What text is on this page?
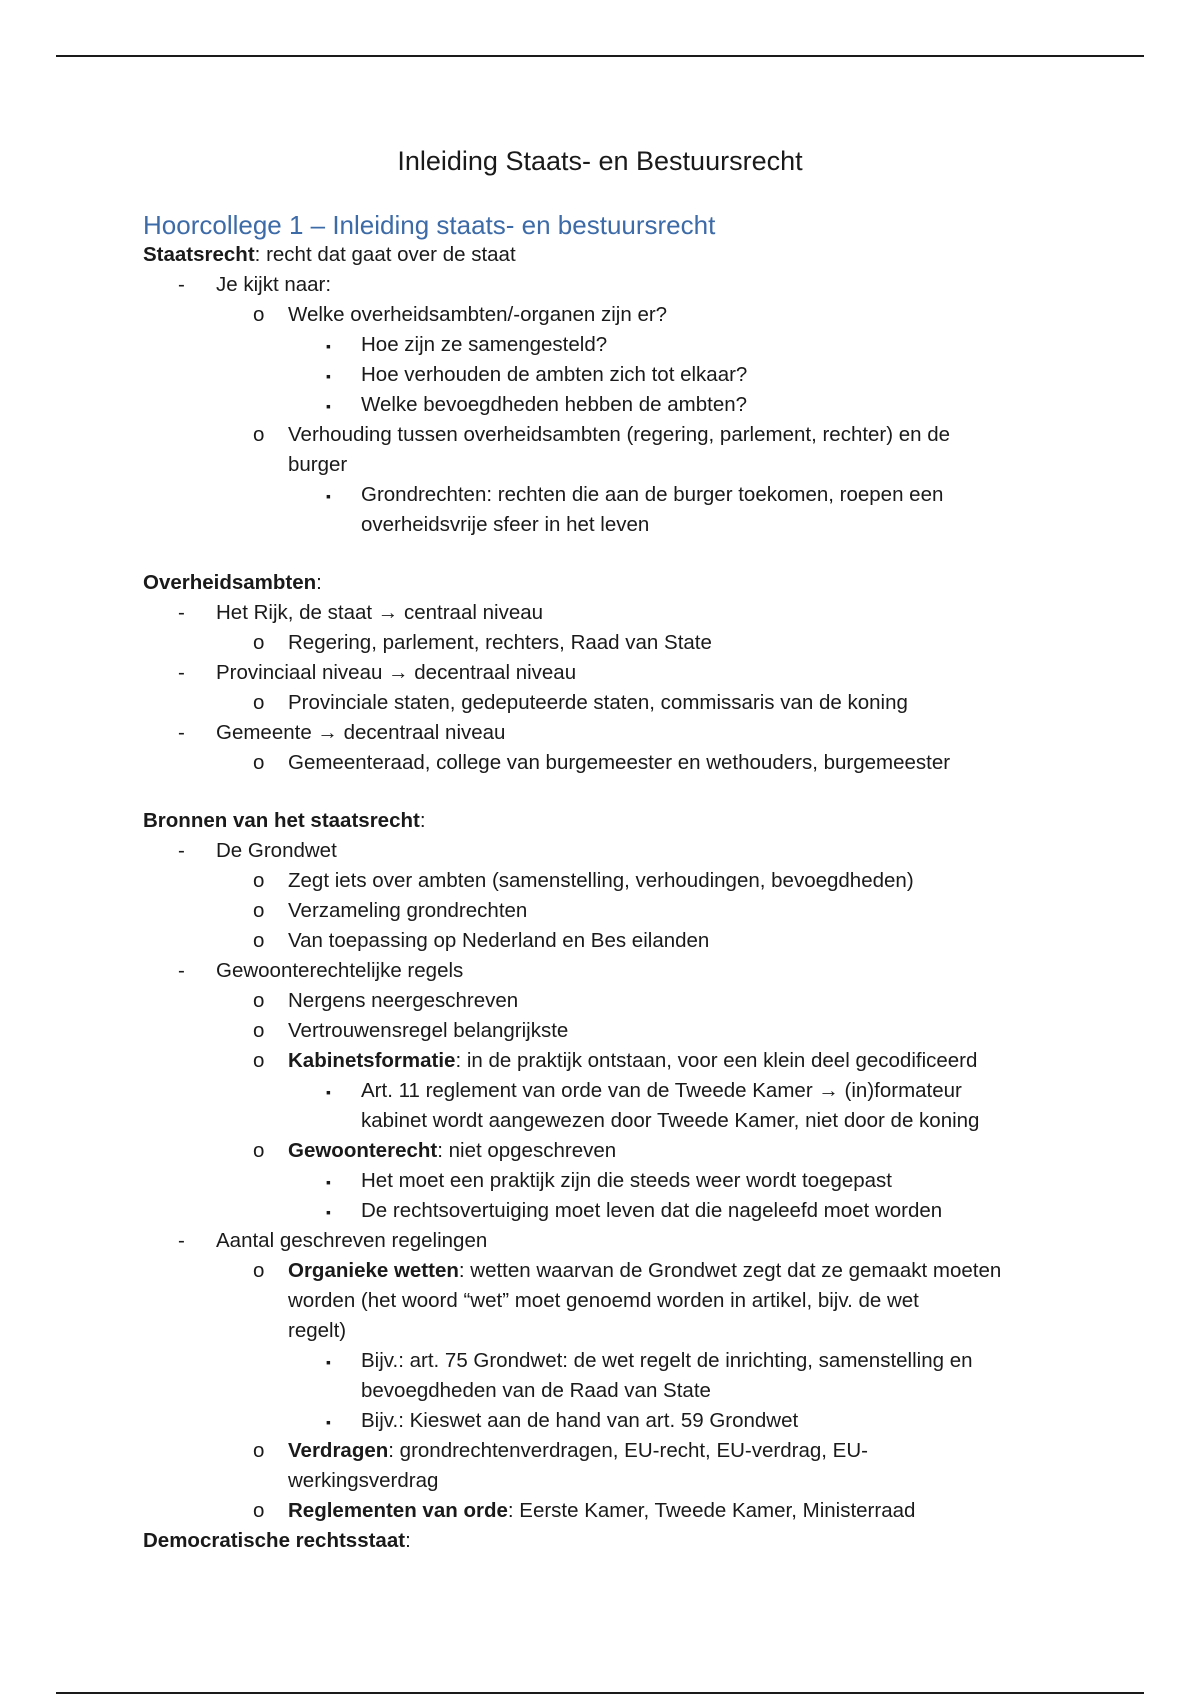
Inleiding Staats- en Bestuursrecht
Hoorcollege 1 – Inleiding staats- en bestuursrecht
Staatsrecht: recht dat gaat over de staat
- Je kijkt naar:
o Welke overheidsambten/-organen zijn er?
▪ Hoe zijn ze samengesteld?
▪ Hoe verhouden de ambten zich tot elkaar?
▪ Welke bevoegdheden hebben de ambten?
o Verhouding tussen overheidsambten (regering, parlement, rechter) en de
burger
▪ Grondrechten: rechten die aan de burger toekomen, roepen een
overheidsvrije sfeer in het leven
Overheidsambten:
- Het Rijk, de staat → centraal niveau
o Regering, parlement, rechters, Raad van State
- Provinciaal niveau → decentraal niveau
o Provinciale staten, gedeputeerde staten, commissaris van de koning
- Gemeente → decentraal niveau
o Gemeenteraad, college van burgemeester en wethouders, burgemeester
Bronnen van het staatsrecht:
- De Grondwet
o Zegt iets over ambten (samenstelling, verhoudingen, bevoegdheden)
o Verzameling grondrechten
o Van toepassing op Nederland en Bes eilanden
- Gewoonterechtelijke regels
o Nergens neergeschreven
o Vertrouwensregel belangrijkste
o Kabinetsformatie: in de praktijk ontstaan, voor een klein deel gecodificeerd
▪ Art. 11 reglement van orde van de Tweede Kamer → (in)formateur
kabinet wordt aangewezen door Tweede Kamer, niet door de koning
o Gewoonterecht: niet opgeschreven
▪ Het moet een praktijk zijn die steeds weer wordt toegepast
▪ De rechtsovertuiging moet leven dat die nageleefd moet worden
- Aantal geschreven regelingen
o Organieke wetten: wetten waarvan de Grondwet zegt dat ze gemaakt moeten
worden (het woord “wet” moet genoemd worden in artikel, bijv. de wet
regelt)
▪ Bijv.: art. 75 Grondwet: de wet regelt de inrichting, samenstelling en
bevoegdheden van de Raad van State
▪ Bijv.: Kieswet aan de hand van art. 59 Grondwet
o Verdragen: grondrechtenverdragen, EU-recht, EU-verdrag, EU-
werkingsverdrag
o Reglementen van orde: Eerste Kamer, Tweede Kamer, Ministerraad
Democratische rechtsstaat:
